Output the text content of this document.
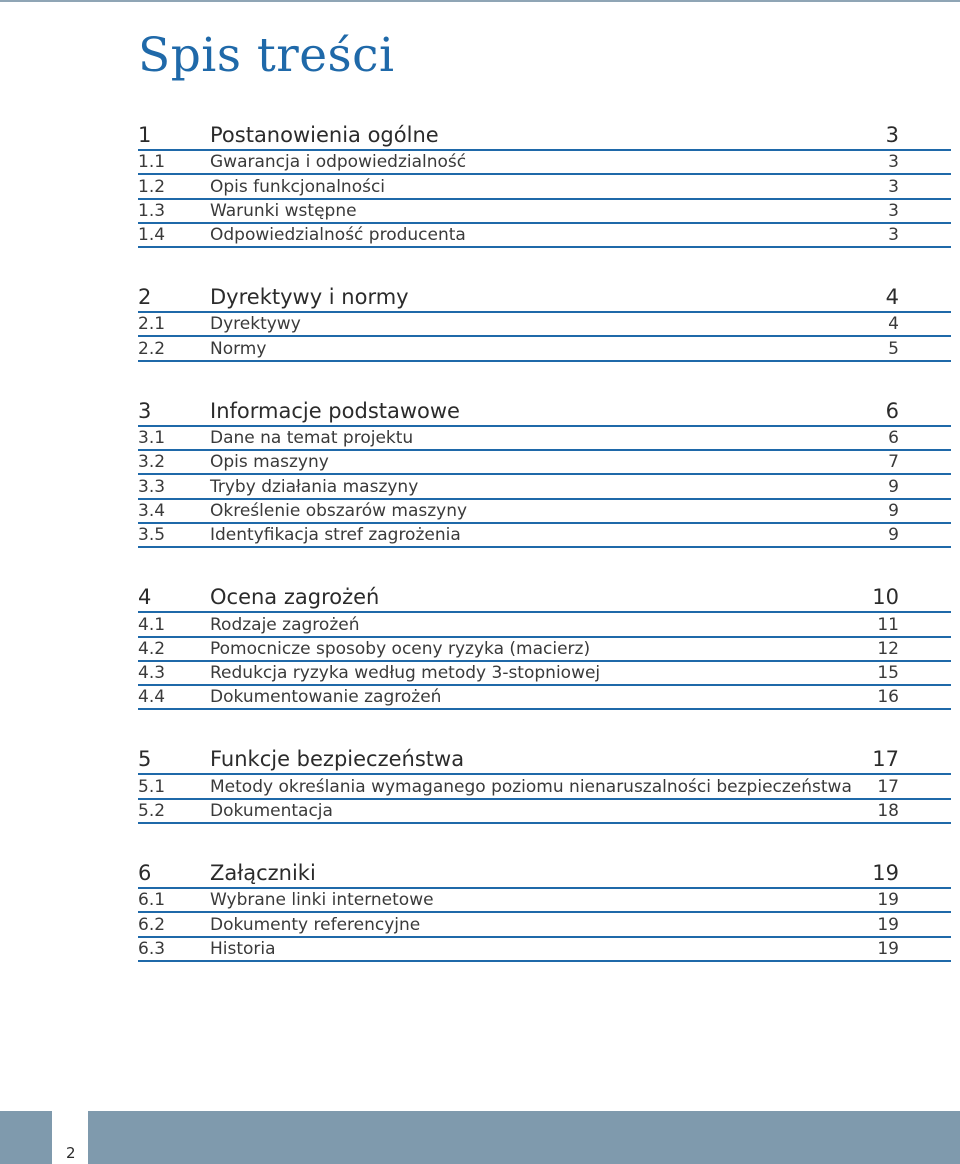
Spis treści
1	Postanowienia ogólne	3
1.1	Gwarancja i odpowiedzialność	3
1.2	Opis funkcjonalności	3
1.3	Warunki wstępne	3
1.4	Odpowiedzialność producenta	3
2	Dyrektywy i normy	4
2.1	Dyrektywy	4
2.2	Normy	5
3	Informacje podstawowe	6
3.1	Dane na temat projektu	6
3.2	Opis maszyny	7
3.3	Tryby działania maszyny	9
3.4	Określenie obszarów maszyny	9
3.5	Identyfikacja stref zagrożenia	9
4	Ocena zagrożeń	10
4.1	Rodzaje zagrożeń	11
4.2	Pomocnicze sposoby oceny ryzyka (macierz)	12
4.3	Redukcja ryzyka według metody 3-stopniowej	15
4.4	Dokumentowanie zagrożeń	16
5	Funkcje bezpieczeństwa	17
5.1	Metody określania wymaganego poziomu nienaruszalności bezpieczeństwa	17
5.2	Dokumentacja	18
6	Załączniki	19
6.1	Wybrane linki internetowe	19
6.2	Dokumenty referencyjne	19
6.3	Historia	19
2
